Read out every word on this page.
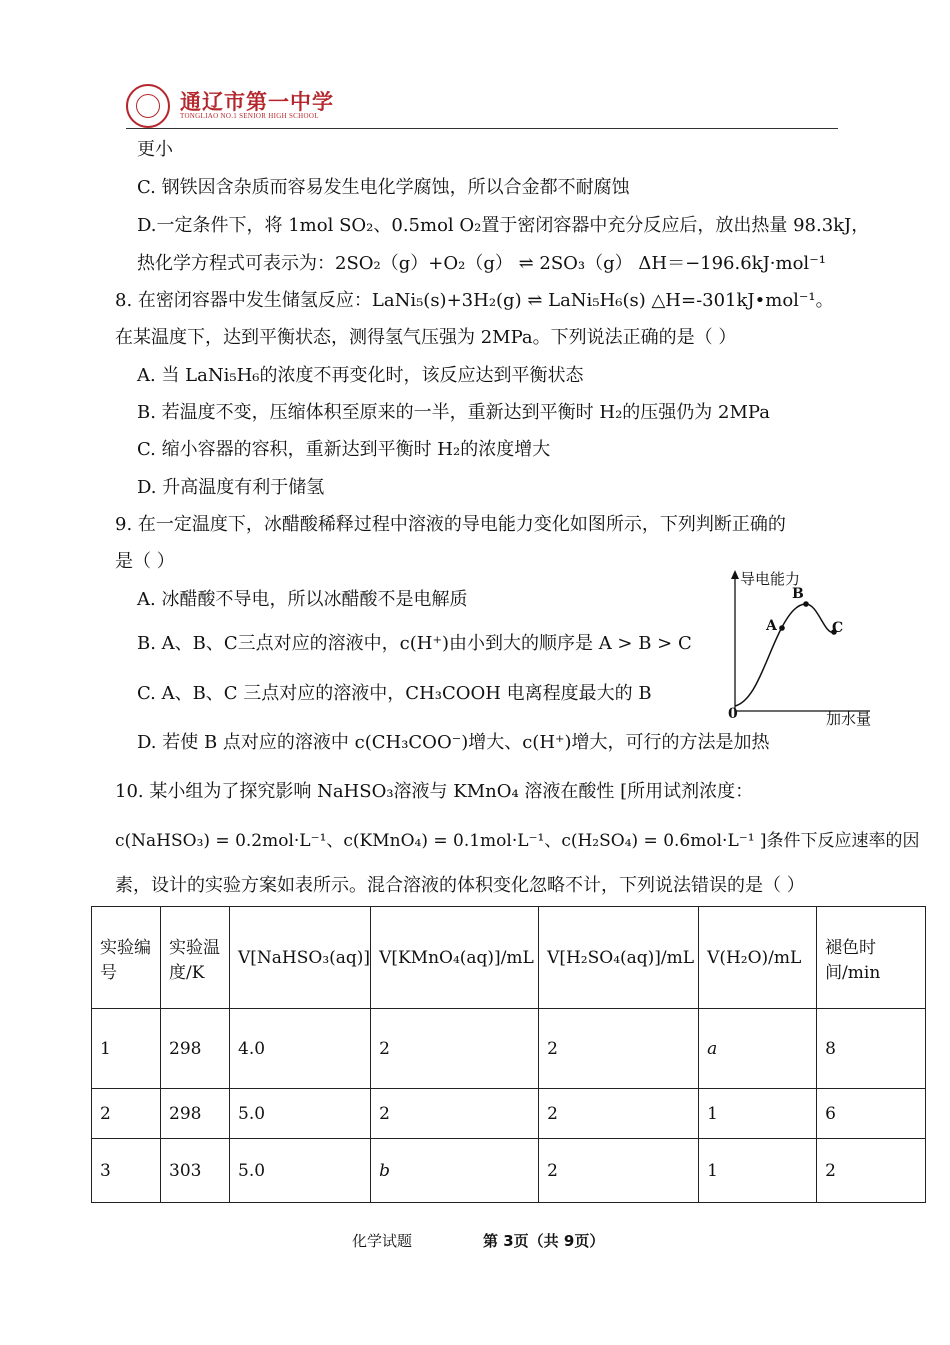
通辽市第一中学
TONGLIAO NO.1 SENIOR HIGH SCHOOL
更小
C. 钢铁因含杂质而容易发生电化学腐蚀，所以合金都不耐腐蚀
D.一定条件下，将 1mol SO₂、0.5mol O₂置于密闭容器中充分反应后，放出热量 98.3kJ，
热化学方程式可表示为：2SO₂（g）+O₂（g） ⇌ 2SO₃（g） ΔH＝−196.6kJ·mol⁻¹
8. 在密闭容器中发生储氢反应：LaNi₅(s)+3H₂(g) ⇌ LaNi₅H₆(s) △H=-301kJ•mol⁻¹。
在某温度下，达到平衡状态，测得氢气压强为 2MPa。下列说法正确的是（ ）
A. 当 LaNi₅H₆的浓度不再变化时，该反应达到平衡状态
B. 若温度不变，压缩体积至原来的一半，重新达到平衡时 H₂的压强仍为 2MPa
C. 缩小容器的容积，重新达到平衡时 H₂的浓度增大
D. 升高温度有利于储氢
9. 在一定温度下，冰醋酸稀释过程中溶液的导电能力变化如图所示，下列判断正确的
是（ ）
A. 冰醋酸不导电，所以冰醋酸不是电解质
B. A、B、C三点对应的溶液中，c(H⁺)由小到大的顺序是 A > B > C
C. A、B、C 三点对应的溶液中，CH₃COOH 电离程度最大的 B
D. 若使 B 点对应的溶液中 c(CH₃COO⁻)增大、c(H⁺)增大，可行的方法是加热
导电能力
加水量
0
A
B
C
10. 某小组为了探究影响 NaHSO₃溶液与 KMnO₄ 溶液在酸性 [所用试剂浓度：
c(NaHSO₃) = 0.2mol·L⁻¹、c(KMnO₄) = 0.1mol·L⁻¹、c(H₂SO₄) = 0.6mol·L⁻¹ ]条件下反应速率的因
素，设计的实验方案如表所示。混合溶液的体积变化忽略不计，下列说法错误的是（ ）
实验编号	实验温度/K	V[NaHSO₃(aq)]	V[KMnO₄(aq)]/mL	V[H₂SO₄(aq)]/mL	V(H₂O)/mL	褪色时间/min
1	298	4.0	2	2	a	8
2	298	5.0	2	2	1	6
3	303	5.0	b	2	1	2
化学试题	第 3页（共 9页）
